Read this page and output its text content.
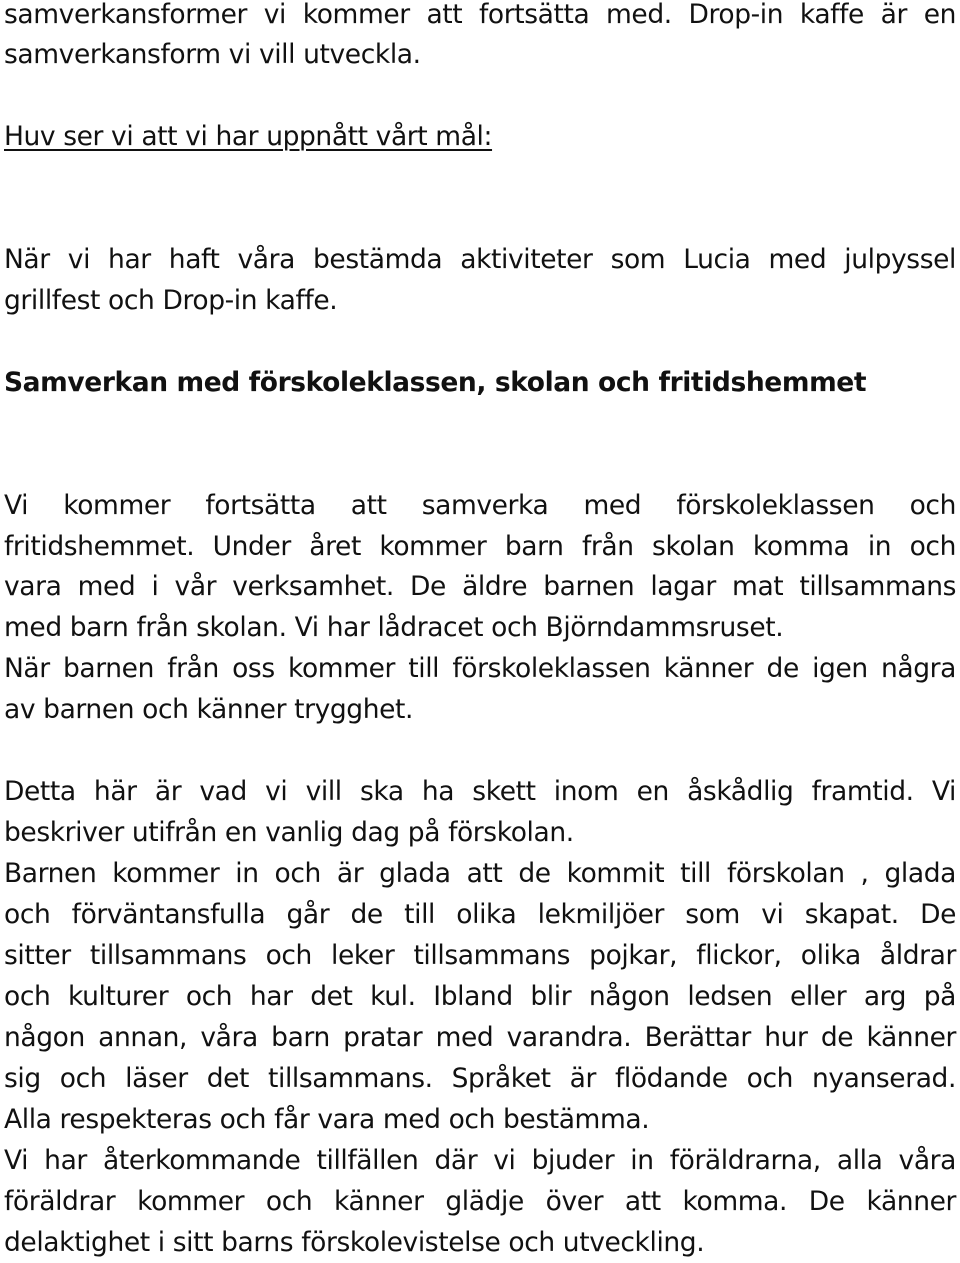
samverkansformer vi kommer att fortsätta med. Drop-in kaffe är en
samverkansform vi vill utveckla.
Huv ser vi att vi har uppnått vårt mål:
När vi har haft våra bestämda aktiviteter som Lucia med julpyssel
grillfest och Drop-in kaffe.
Samverkan med förskoleklassen, skolan och fritidshemmet
Vi kommer fortsätta att samverka med förskoleklassen och
fritidshemmet. Under året kommer barn från skolan komma in och
vara med i vår verksamhet. De äldre barnen lagar mat tillsammans
med barn från skolan. Vi har lådracet och Björndammsruset.
När barnen från oss kommer till förskoleklassen känner de igen några
av barnen och känner trygghet.
Detta här är vad vi vill ska ha skett inom en åskådlig framtid. Vi
beskriver utifrån en vanlig dag på förskolan.
Barnen kommer in och är glada att de kommit till förskolan , glada
och förväntansfulla går de till olika lekmiljöer som vi skapat. De
sitter tillsammans och leker tillsammans pojkar, flickor, olika åldrar
och kulturer och har det kul. Ibland blir någon ledsen eller arg på
någon annan, våra barn pratar med varandra. Berättar hur de känner
sig och läser det tillsammans. Språket är flödande och nyanserad.
Alla respekteras och får vara med och bestämma.
Vi har återkommande tillfällen där vi bjuder in föräldrarna, alla våra
föräldrar kommer och känner glädje över att komma. De känner
delaktighet i sitt barns förskolevistelse och utveckling.
